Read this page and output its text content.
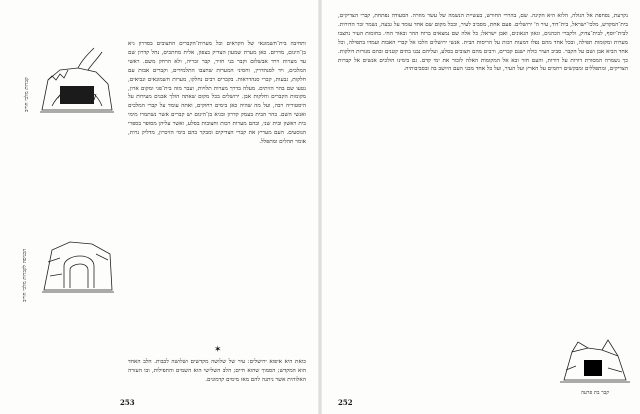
קברות מלכי חוייב
הכניסה לקברות מלכי חוייב

ותחיבה בית־חשמונאי של הקראים וכל מערות־הקברים החצובים בסדרון גיא בן־הינום, מדרום. כאן מערת שמעון הצדיק בצפון, אלית מחתכים, נחל קדרון שם עד מערות וירד אבשלום וקבר בני חזיר, קבר זכריה, ולא הרחק משם. ראשי המלכים, ויד לסנהדרין, וחסיני המערות שחצבו התלמידים, וקברים אבות עם חלקות, גבעות, קברי סנהדראות. בקברים רבים נחלקו, מערות חשמונאים ונביאים, נטעו שם בהר הזיתים. מעלה בדרך מערות תלויות, ועבר מזה בית־פגי ומקום ארון, מקומות הקברים וחלקות אבן. ירושלים בכל מקום שאתה הולך אבנים מעידות על היסטוריה רבה, ועל מה שהיה כאן בימים רחוקים, ואתה עומד על קברי המלכים ואנשי השם. בהר הבית בעמק קדרון ובגיא בן־הינום יש קברים אשר נשתמרו מימי בית ראשון ובית שני, ובהם מערות רבות וחצובות בסלע, ואשר עליהן מסופר בספרי הנוסעים. העם מעריץ את קברי הצדיקים ומבקר בהם בימי הזיכרון, מדליק נרות, אומר תהלים ומתפלל.

✶

כואת היא איפוא ירושלים: עיר של שלושה מקדשים ושלושה לבבות. הלב האחד הוא המקדש; הסמוך שהוא חיים; הלב השלישי הוא השמים והתפילות, ובו העזרה האלוהית אשר ניתנה להם מאז מימים קדמונים.

253

נקרעת, נסחפת אל הגולה, הלוא היא הקינה. שם, בהררי החורש, בעשיית הנשמה של עשר מוזרה. הסעודה נפתחת, קברי הצדיקים, בית־המקדש, מלכי־ישראל, בית־דוד, עיר ה' ירושלים. פעם אחת, מסביב לעיר, ובכל מקום שם אחד עומד על גבעה, נשמר זכר הדורות. לבית־יוסף, לבית־צדוק, ולקברי הכהנים, וגאון הגאונים, ואבן ישראל; כל אלה שם נמצאים ברוח ההר ובאור החי. בחומות העיר נחצבו מערות ומקומות תפילה, ובכל אחד מהם נפלו דמעות רבות על הריסות הבית. אנשי ירושלים הלכו אל קברי האבות ועמדו בתפילה, וכל אחד הביא אבן ושם על הקבר. סביב העיר כולה ישנם קברים, ורבים מהם חצובים בסלע, ועליהם נבנו בתים קטנים ובהם מנורות דולקות. כך נשמרה המסורת דורות על דורות, והעם חזר ובא אל המקומות האלה לזכור את ימי קדם. גם בימינו הולכים אנשים אל קברות הצדיקים, ומתפללים ומבקשים רחמים על הארץ ועל העיר, ועל כל אחד מבני העם היושב בה ובסביבותיה.

קבר בת פרעה
252
